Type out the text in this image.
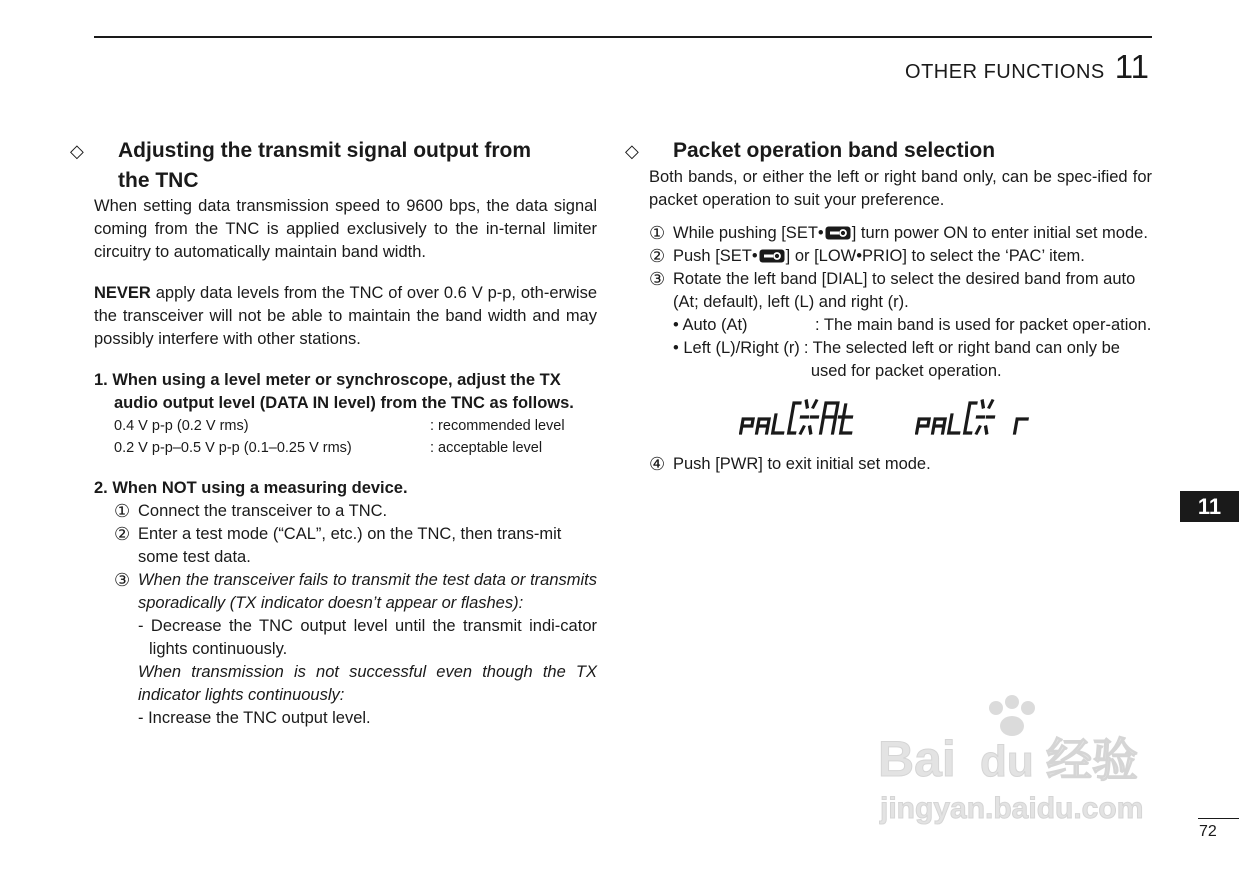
OTHER FUNCTIONS 11
◇ Adjusting the transmit signal output from
the TNC

When setting data transmission speed to 9600 bps, the data signal coming from the TNC is applied exclusively to the in-ternal limiter circuitry to automatically maintain band width.

NEVER apply data levels from the TNC of over 0.6 V p-p, oth-erwise the transceiver will not be able to maintain the band width and may possibly interfere with other stations.

1. When using a level meter or synchroscope, adjust the TX audio output level (DATA IN level) from the TNC as follows.

0.4 V p-p (0.2 V rms)	: recommended level
0.2 V p-p–0.5 V p-p (0.1–0.25 V rms)	: acceptable level

2. When NOT using a measuring device.

① Connect the transceiver to a TNC.
② Enter a test mode (“CAL”, etc.) on the TNC, then trans-mit some test data.
③ When the transceiver fails to transmit the test data or transmits sporadically (TX indicator doesn’t appear or flashes):

- Decrease the TNC output level until the transmit indi-cator lights continuously.

When transmission is not successful even though the TX indicator lights continuously:

- Increase the TNC output level.

◇ Packet operation band selection

Both bands, or either the left or right band only, can be spec-ified for packet operation to suit your preference.

① While pushing [SET• ] turn power ON to enter initial set mode.
② Push [SET• ] or [LOW•PRIO] to select the ‘PAC’ item.
③ Rotate the left band [DIAL] to select the desired band from auto (At; default), left (L) and right (r).
• Auto (At)	: The main band is used for packet oper-ation.
• Left (L)/Right (r) : The selected left or right band can only be used for packet operation.
④ Push [PWR] to exit initial set mode.
11
Bai du 经验
jingyan.baidu.com
72
